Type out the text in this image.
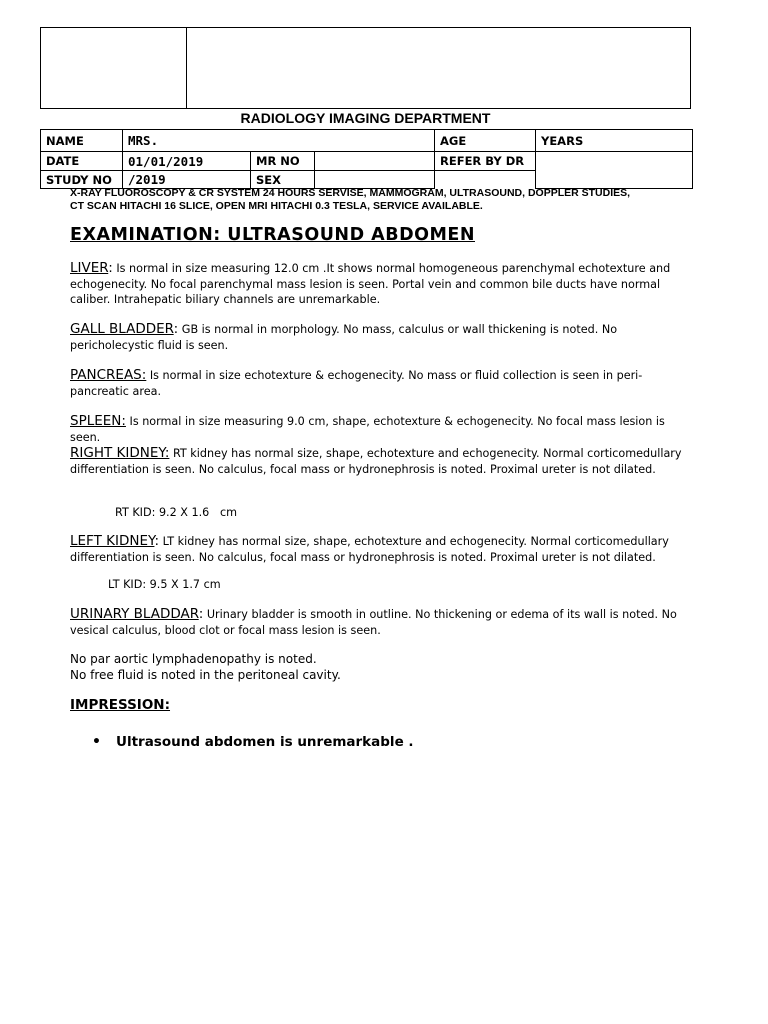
RADIOLOGY IMAGING DEPARTMENT
NAME	MRS.			AGE	YEARS
DATE	01/01/2019	MR NO		REFER BY DR	
STUDY NO	/2019	SEX			
X-RAY FLUOROSCOPY & CR SYSTEM 24 HOURS SERVISE, MAMMOGRAM, ULTRASOUND, DOPPLER STUDIES,
CT SCAN HITACHI 16 SLICE, OPEN MRI HITACHI 0.3 TESLA, SERVICE AVAILABLE.
EXAMINATION: ULTRASOUND ABDOMEN
LIVER: Is normal in size measuring 12.0 cm .It shows normal homogeneous parenchymal echotexture and echogenecity. No focal parenchymal mass lesion is seen. Portal vein and common bile ducts have normal caliber. Intrahepatic biliary channels are unremarkable.
GALL BLADDER: GB is normal in morphology. No mass, calculus or wall thickening is noted. No pericholecystic fluid is seen.
PANCREAS: Is normal in size echotexture & echogenecity. No mass or fluid collection is seen in peri-pancreatic area.
SPLEEN: Is normal in size measuring 9.0 cm, shape, echotexture & echogenecity. No focal mass lesion is seen.
RIGHT KIDNEY: RT kidney has normal size, shape, echotexture and echogenecity. Normal corticomedullary differentiation is seen. No calculus, focal mass or hydronephrosis is noted. Proximal ureter is not dilated.
RT KID: 9.2 X 1.6   cm
LEFT KIDNEY: LT kidney has normal size, shape, echotexture and echogenecity. Normal corticomedullary differentiation is seen. No calculus, focal mass or hydronephrosis is noted. Proximal ureter is not dilated.
LT KID: 9.5 X 1.7 cm
URINARY BLADDAR: Urinary bladder is smooth in outline. No thickening or edema of its wall is noted. No vesical calculus, blood clot or focal mass lesion is seen.
No par aortic lymphadenopathy is noted.
No free fluid is noted in the peritoneal cavity.
IMPRESSION:
• Ultrasound abdomen is unremarkable .
